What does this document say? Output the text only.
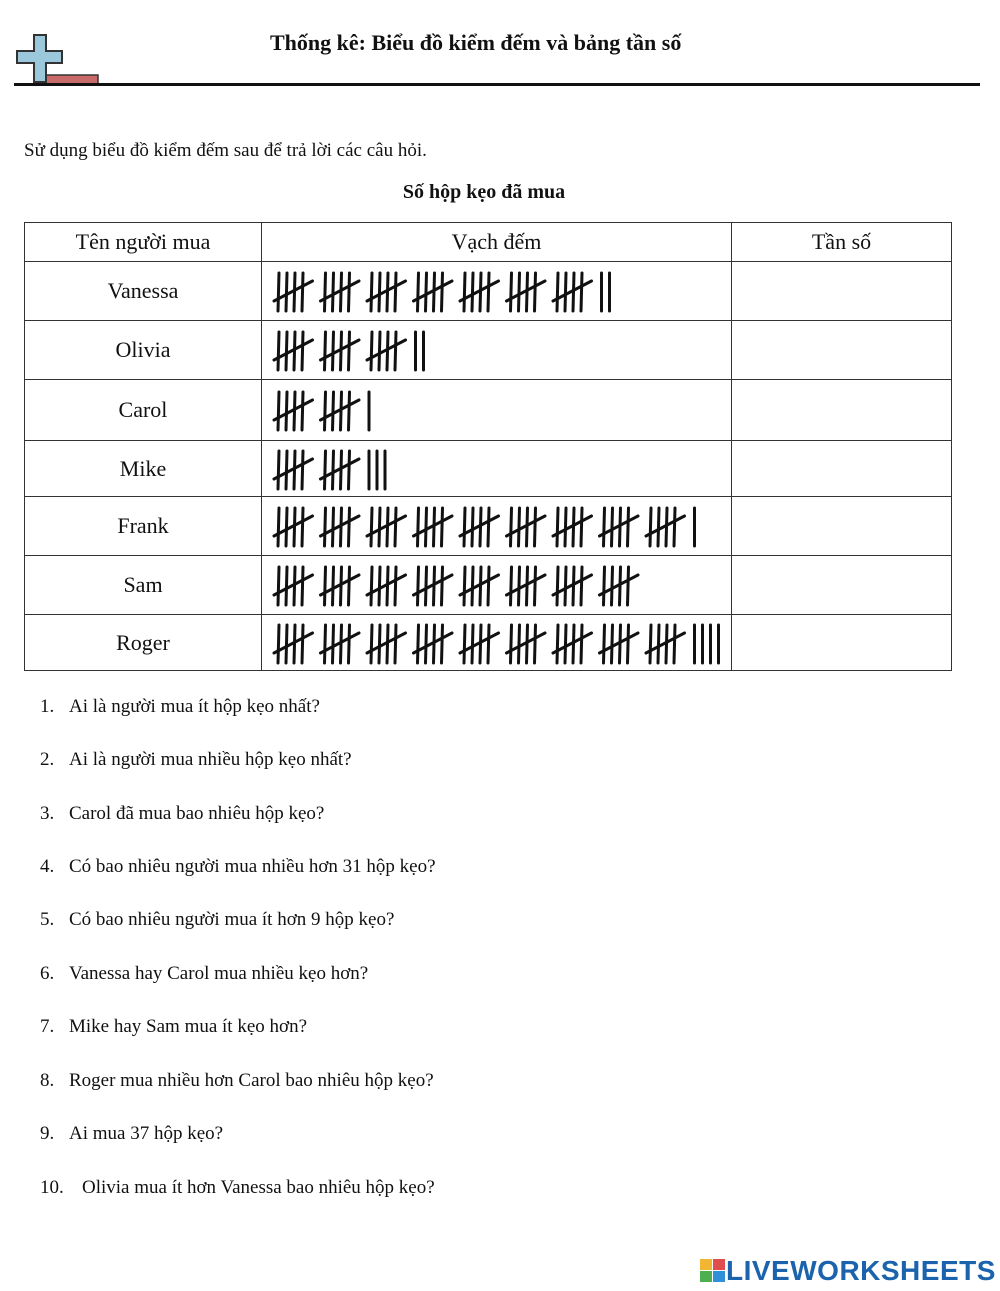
Thống kê: Biểu đồ kiểm đếm và bảng tần số
Sử dụng biểu đồ kiểm đếm sau để trả lời các câu hỏi.
Số hộp kẹo đã mua
Tên người mua	Vạch đếm	Tần số
Vanessa	

Olivia	

Carol	

Mike	

Frank	

Sam	

Roger	

1. Ai là người mua ít hộp kẹo nhất?
2. Ai là người mua nhiều hộp kẹo nhất?
3. Carol đã mua bao nhiêu hộp kẹo?
4. Có bao nhiêu người mua nhiều hơn 31 hộp kẹo?
5. Có bao nhiêu người mua ít hơn 9 hộp kẹo?
6. Vanessa hay Carol mua nhiều kẹo hơn?
7. Mike hay Sam mua ít kẹo hơn?
8. Roger mua nhiều hơn Carol bao nhiêu hộp kẹo?
9. Ai mua 37 hộp kẹo?
10. Olivia mua ít hơn Vanessa bao nhiêu hộp kẹo?
LIVEWORKSHEETS
